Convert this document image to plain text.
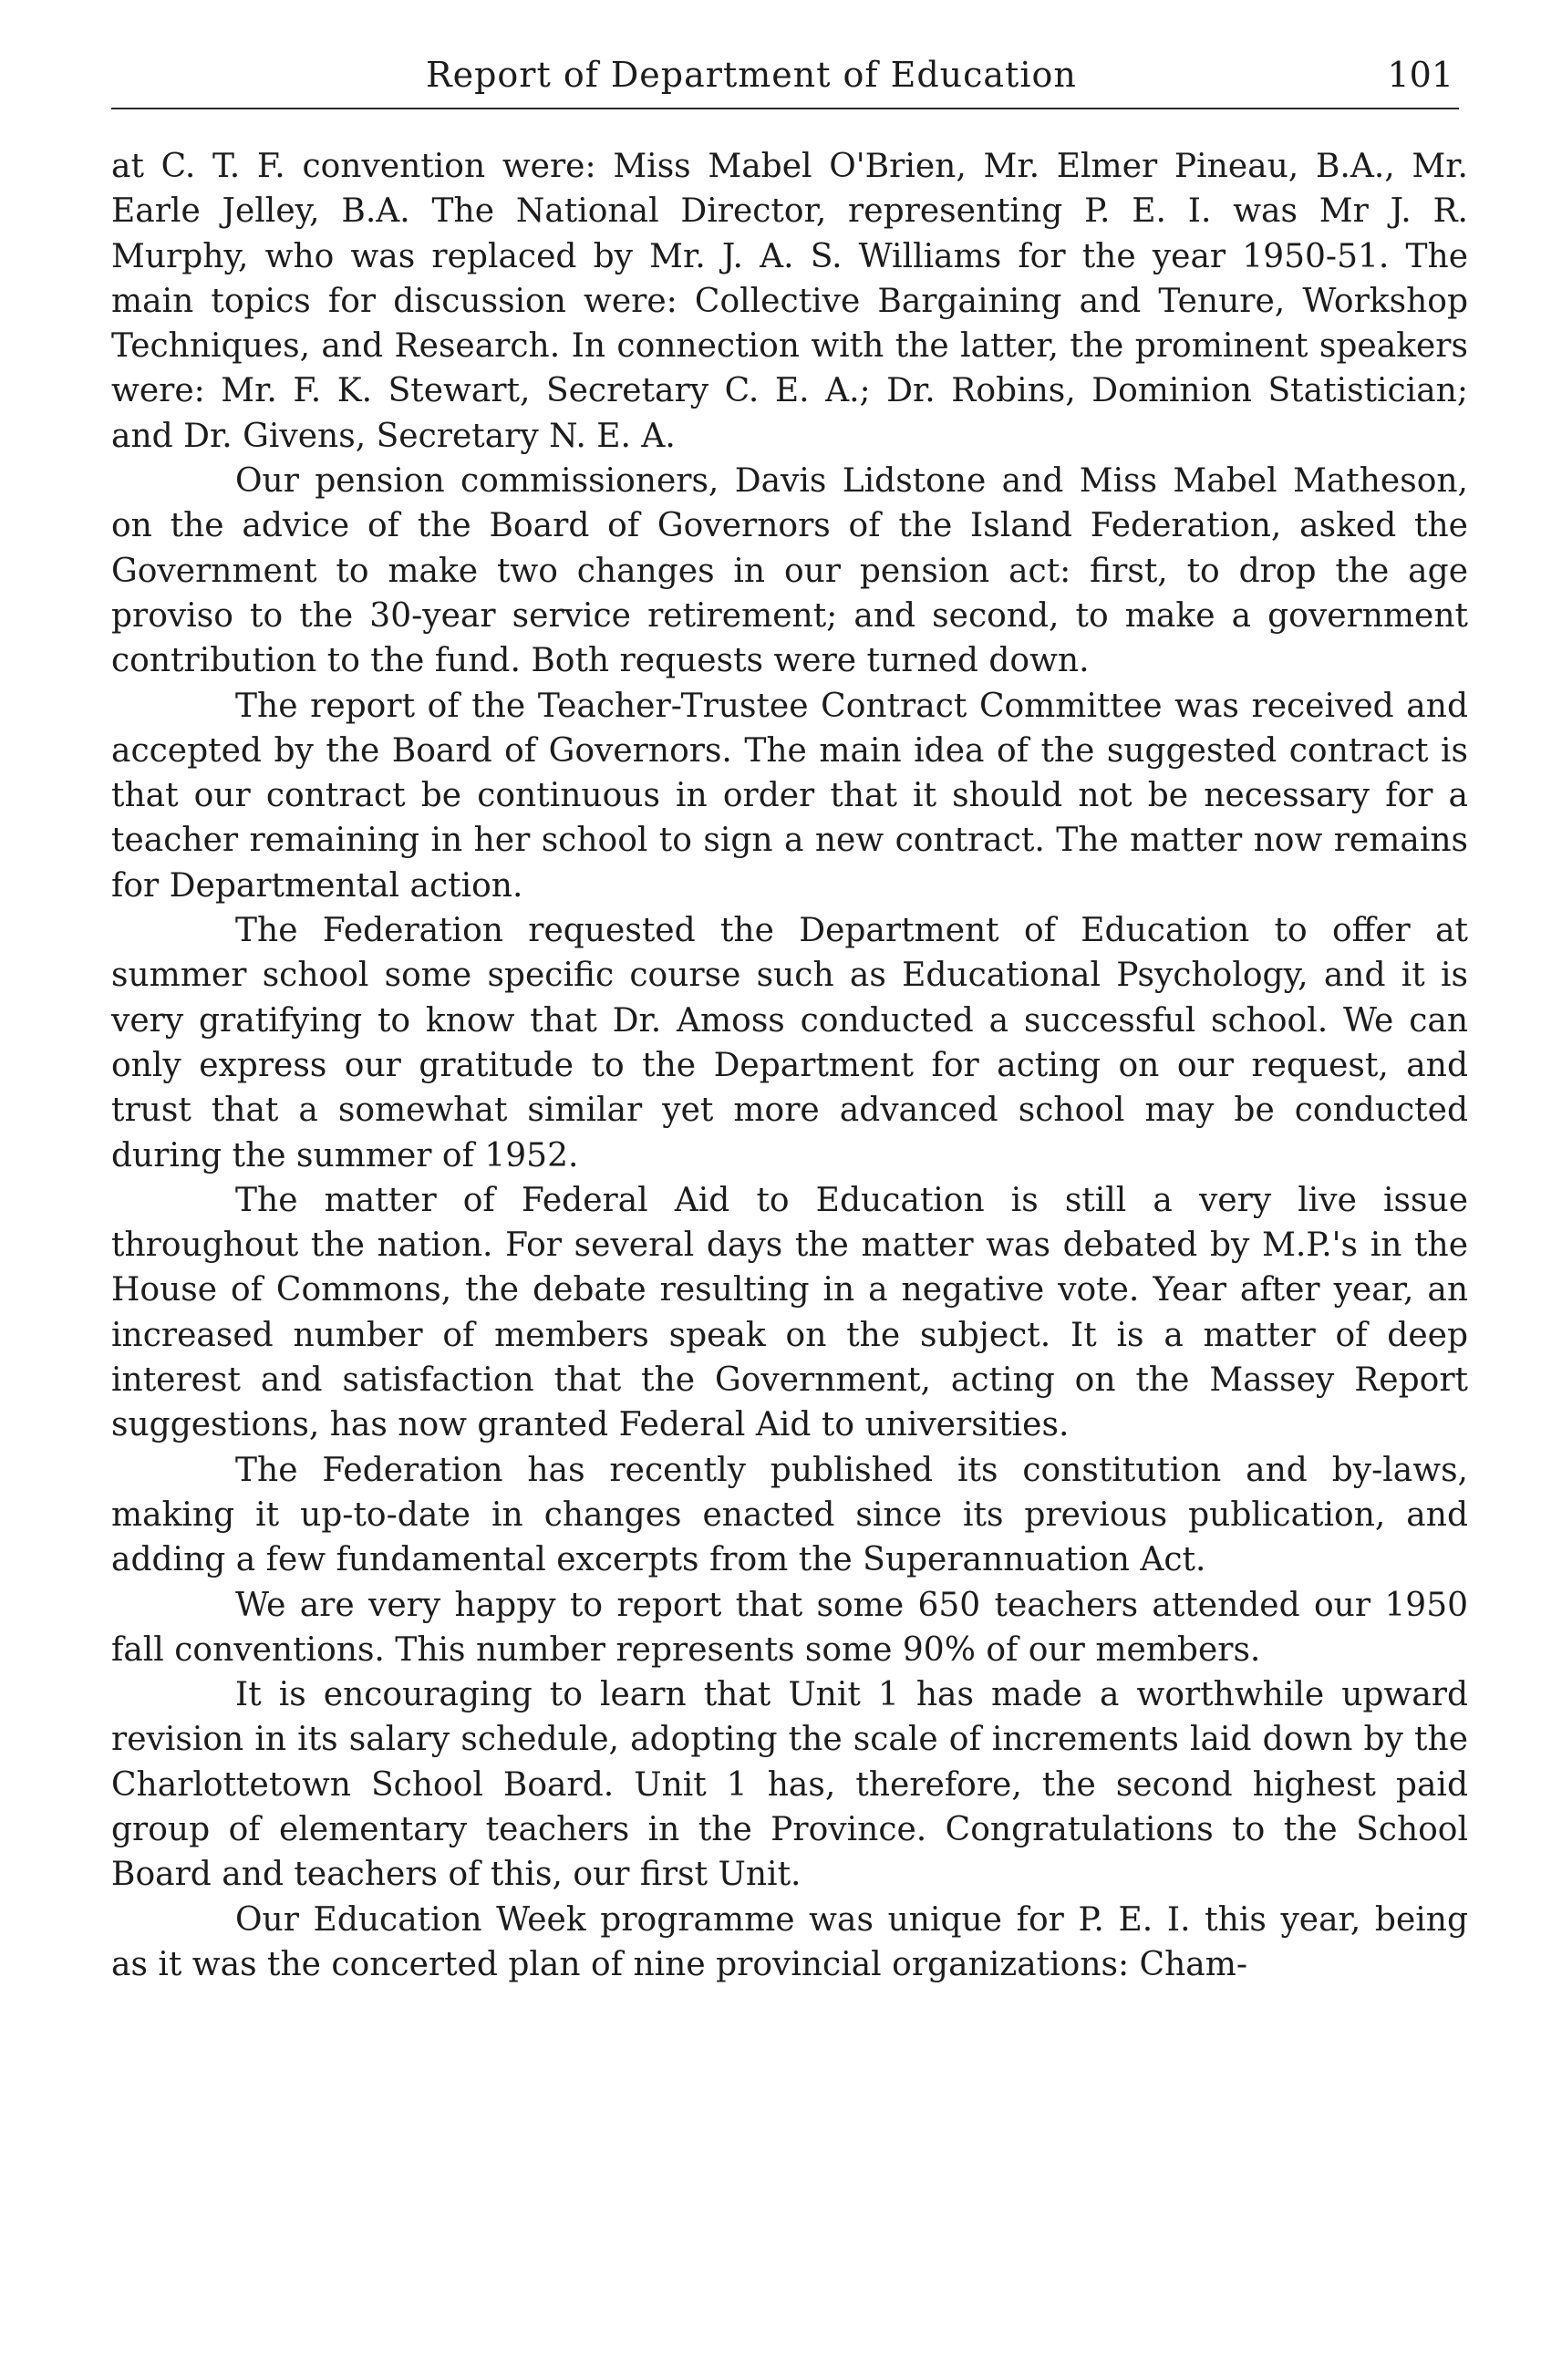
Report of Department of Education	101

at C. T. F. convention were: Miss Mabel O'Brien, Mr. Elmer Pineau, B.A., Mr. Earle Jelley, B.A. The National Director, representing P. E. I. was Mr J. R. Murphy, who was replaced by Mr. J. A. S. Williams for the year 1950-51. The main topics for discussion were: Collective Bargaining and Tenure, Workshop Techniques, and Research. In connection with the latter, the prominent speakers were: Mr. F. K. Stewart, Secretary C. E. A.; Dr. Robins, Dominion Statistician; and Dr. Givens, Secretary N. E. A.

Our pension commissioners, Davis Lidstone and Miss Mabel Matheson, on the advice of the Board of Governors of the Island Federation, asked the Government to make two changes in our pension act: first, to drop the age proviso to the 30-year service retirement; and second, to make a government contribution to the fund. Both requests were turned down.

The report of the Teacher-Trustee Contract Committee was received and accepted by the Board of Governors. The main idea of the suggested contract is that our contract be continuous in order that it should not be necessary for a teacher remaining in her school to sign a new contract. The matter now remains for Departmental action.

The Federation requested the Department of Education to offer at summer school some specific course such as Educational Psychology, and it is very gratifying to know that Dr. Amoss conducted a successful school. We can only express our gratitude to the Department for acting on our request, and trust that a somewhat similar yet more advanced school may be conducted during the summer of 1952.

The matter of Federal Aid to Education is still a very live issue throughout the nation. For several days the matter was debated by M.P.'s in the House of Commons, the debate resulting in a negative vote. Year after year, an increased number of members speak on the subject. It is a matter of deep interest and satisfaction that the Government, acting on the Massey Report suggestions, has now granted Federal Aid to universities.

The Federation has recently published its constitution and by-laws, making it up-to-date in changes enacted since its previous publication, and adding a few fundamental excerpts from the Superannuation Act.

We are very happy to report that some 650 teachers attended our 1950 fall conventions. This number represents some 90% of our members.

It is encouraging to learn that Unit 1 has made a worthwhile upward revision in its salary schedule, adopting the scale of increments laid down by the Charlottetown School Board. Unit 1 has, therefore, the second highest paid group of elementary teachers in the Province. Congratulations to the School Board and teachers of this, our first Unit.

Our Education Week programme was unique for P. E. I. this year, being as it was the concerted plan of nine provincial organizations: Cham-
